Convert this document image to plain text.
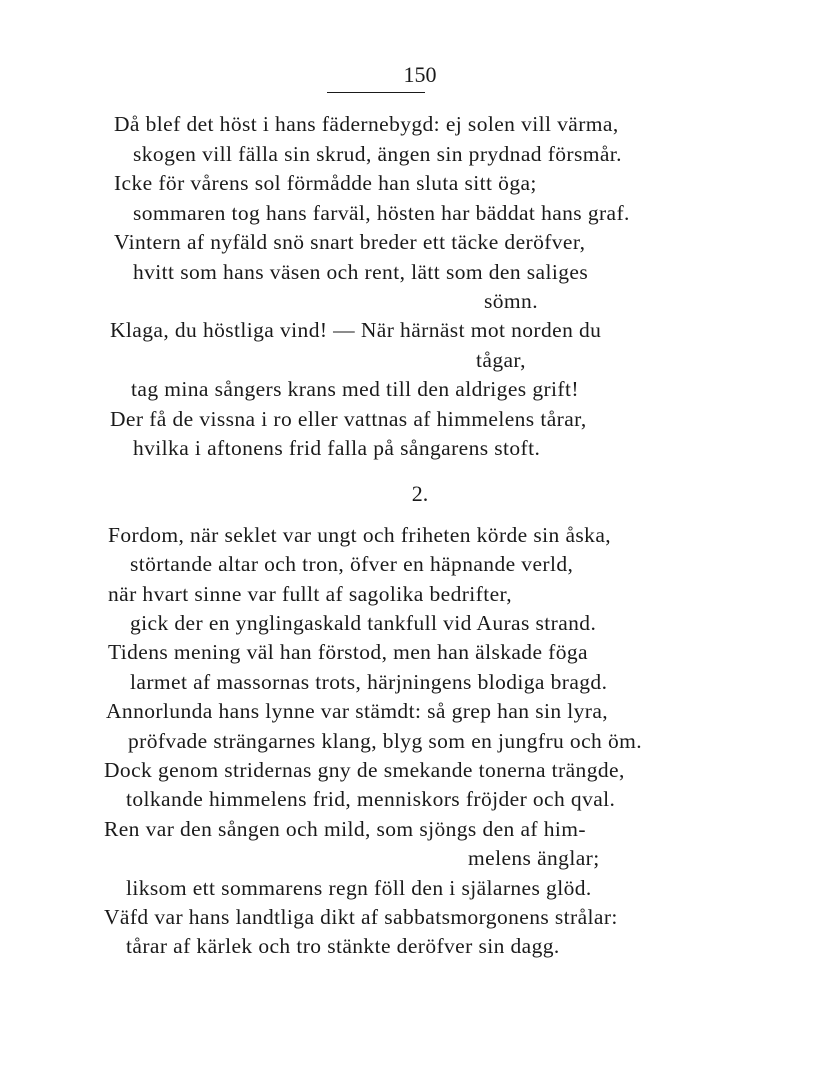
150
Då blef det höst i hans fädernebygd: ej solen vill värma,
skogen vill fälla sin skrud, ängen sin prydnad försmår.
Icke för vårens sol förmådde han sluta sitt öga;
sommaren tog hans farväl, hösten har bäddat hans graf.
Vintern af nyfäld snö snart breder ett täcke deröfver,
hvitt som hans väsen och rent, lätt som den saliges
sömn.
Klaga, du höstliga vind! — När härnäst mot norden du
tågar,
tag mina sångers krans med till den aldriges grift!
Der få de vissna i ro eller vattnas af himmelens tårar,
hvilka i aftonens frid falla på sångarens stoft.
2.
Fordom, när seklet var ungt och friheten körde sin åska,
störtande altar och tron, öfver en häpnande verld,
när hvart sinne var fullt af sagolika bedrifter,
gick der en ynglingaskald tankfull vid Auras strand.
Tidens mening väl han förstod, men han älskade föga
larmet af massornas trots, härjningens blodiga bragd.
Annorlunda hans lynne var stämdt: så grep han sin lyra,
pröfvade strängarnes klang, blyg som en jungfru och öm.
Dock genom stridernas gny de smekande tonerna trängde,
tolkande himmelens frid, menniskors fröjder och qval.
Ren var den sången och mild, som sjöngs den af him-
melens änglar;
liksom ett sommarens regn föll den i själarnes glöd.
Väfd var hans landtliga dikt af sabbatsmorgonens strålar:
tårar af kärlek och tro stänkte deröfver sin dagg.
